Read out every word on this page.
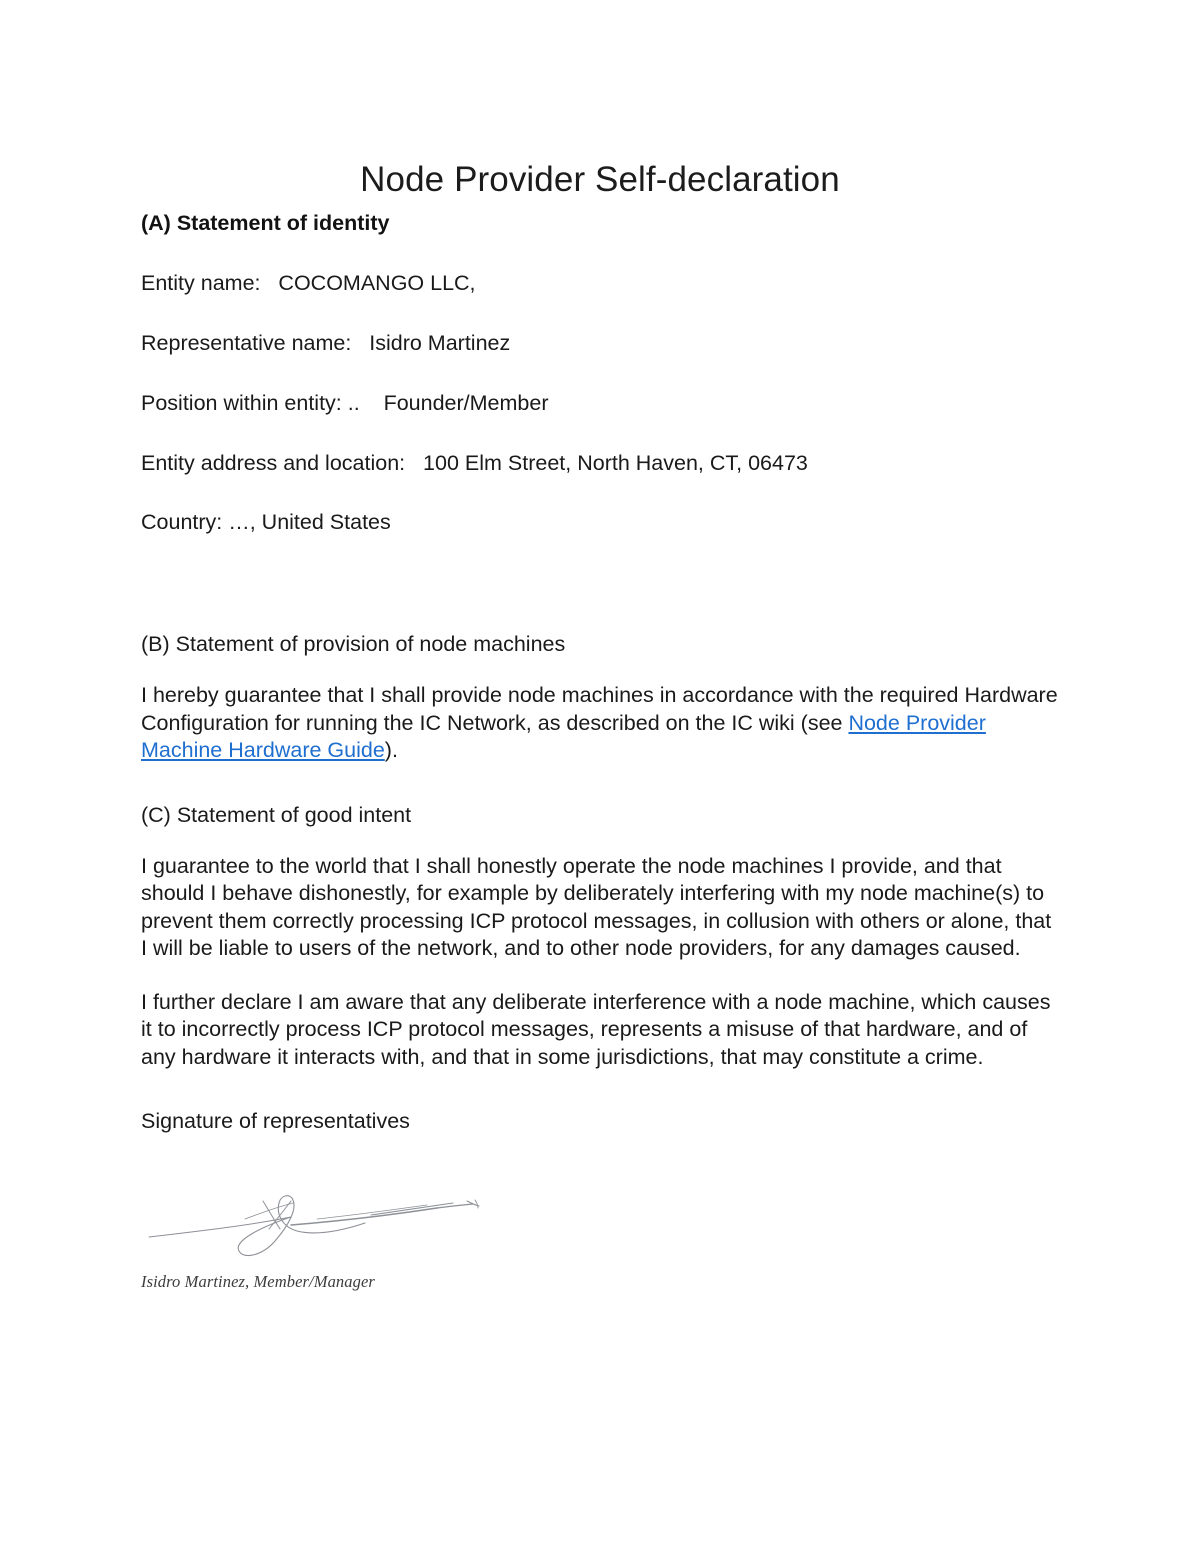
Node Provider Self-declaration
(A) Statement of identity
Entity name:   COCOMANGO LLC,
Representative name:   Isidro Martinez
Position within entity: ..    Founder/Member
Entity address and location:   100 Elm Street, North Haven, CT, 06473
Country: …, United States
(B) Statement of provision of node machines

I hereby guarantee that I shall provide node machines in accordance with the required Hardware Configuration for running the IC Network, as described on the IC wiki (see Node Provider Machine Hardware Guide).

(C) Statement of good intent

I guarantee to the world that I shall honestly operate the node machines I provide, and that should I behave dishonestly, for example by deliberately interfering with my node machine(s) to prevent them correctly processing ICP protocol messages, in collusion with others or alone, that I will be liable to users of the network, and to other node providers, for any damages caused.

I further declare I am aware that any deliberate interference with a node machine, which causes it to incorrectly process ICP protocol messages, represents a misuse of that hardware, and of any hardware it interacts with, and that in some jurisdictions, that may constitute a crime.

Signature of representatives

Isidro Martinez, Member/Manager
